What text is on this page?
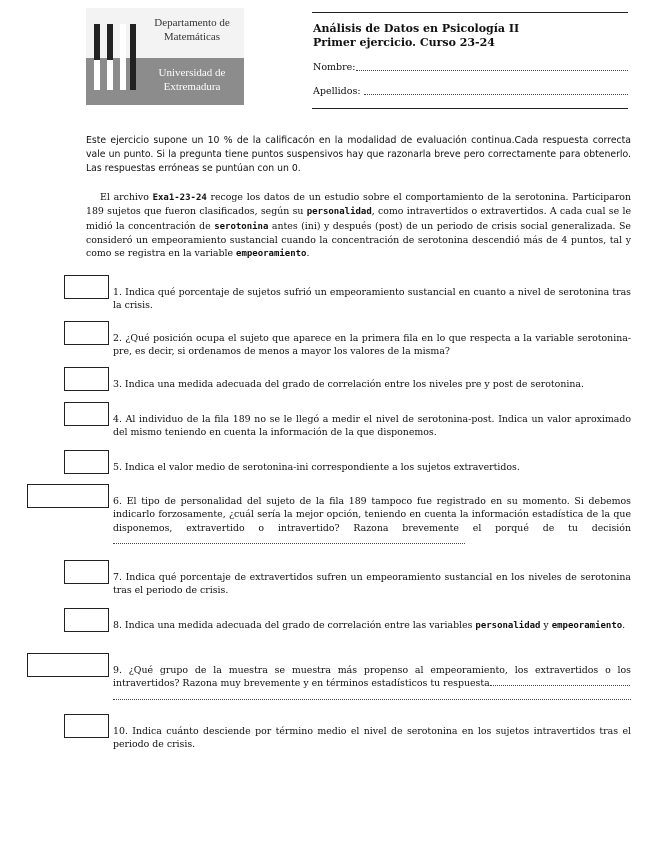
Departamento de
Matemáticas
Universidad de
Extremadura
Análisis de Datos en Psicología II
Primer ejercicio. Curso 23-24
Nombre:
Apellidos:
Este ejercicio supone un 10 % de la calificacón en la modalidad de evaluación continua.Cada respuesta correcta vale un punto. Si la pregunta tiene puntos suspensivos hay que razonarla breve pero correctamente para obtenerlo. Las respuestas erróneas se puntúan con un 0.
El archivo Exa1-23-24 recoge los datos de un estudio sobre el comportamiento de la serotonina. Participaron 189 sujetos que fueron clasificados, según su personalidad, como intravertidos o extravertidos. A cada cual se le midió la concentración de serotonina antes (ini) y después (post) de un periodo de crisis social generalizada. Se consideró un empeoramiento sustancial cuando la concentración de serotonina descendió más de 4 puntos, tal y como se registra en la variable empeoramiento.
1. Indica qué porcentaje de sujetos sufrió un empeoramiento sustancial en cuanto a nivel de serotonina tras la crisis.
2. ¿Qué posición ocupa el sujeto que aparece en la primera fila en lo que respecta a la variable serotonina-pre, es decir, si ordenamos de menos a mayor los valores de la misma?
3. Indica una medida adecuada del grado de correlación entre los niveles pre y post de serotonina.
4. Al individuo de la fila 189 no se le llegó a medir el nivel de serotonina-post. Indica un valor aproximado del mismo teniendo en cuenta la información de la que disponemos.
5. Indica el valor medio de serotonina-ini correspondiente a los sujetos extravertidos.
6. El tipo de personalidad del sujeto de la fila 189 tampoco fue registrado en su momento. Si debemos indicarlo forzosamente, ¿cuál sería la mejor opción, teniendo en cuenta la información estadística de la que disponemos, extravertido o intravertido? Razona brevemente el porqué de tu decisión
7. Indica qué porcentaje de extravertidos sufren un empeoramiento sustancial en los niveles de serotonina tras el periodo de crisis.
8. Indica una medida adecuada del grado de correlación entre las variables personalidad y empeoramiento.
9. ¿Qué grupo de la muestra se muestra más propenso al empeoramiento, los extravertidos o los intravertidos? Razona muy brevemente y en términos estadísticos tu respuesta

10. Indica cuánto desciende por término medio el nivel de serotonina en los sujetos intravertidos tras el periodo de crisis.
